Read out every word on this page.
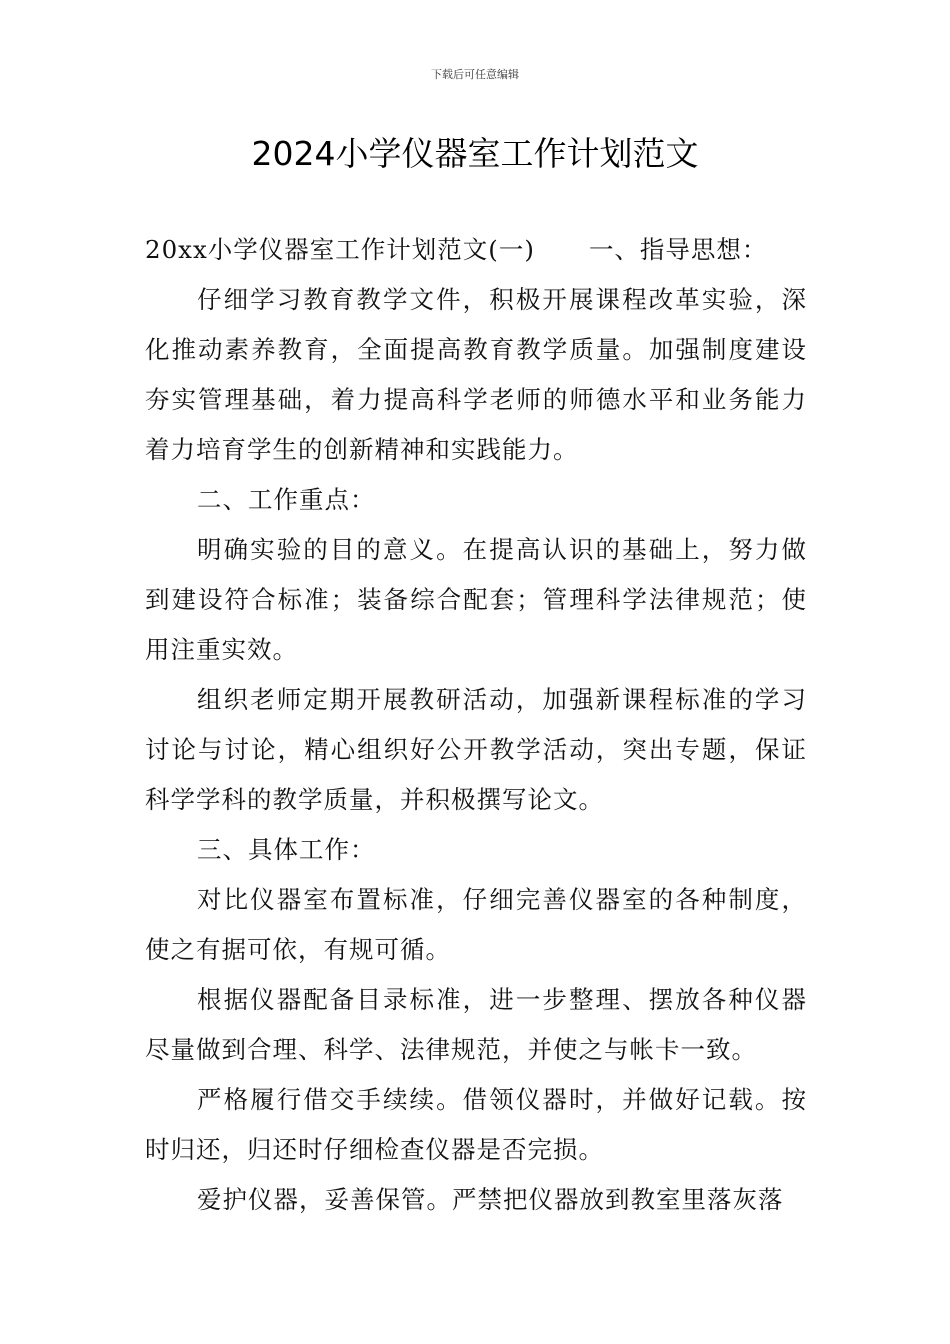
下载后可任意编辑
2024小学仪器室工作计划范文

20xx小学仪器室工作计划范文(一) 一、指导思想：

仔细学习教育教学文件，积极开展课程改革实验，深化推动素养教育，全面提高教育教学质量。加强制度建设夯实管理基础，着力提高科学老师的师德水平和业务能力着力培育学生的创新精神和实践能力。

二、工作重点：

明确实验的目的意义。在提高认识的基础上，努力做到建设符合标准；装备综合配套；管理科学法律规范；使用注重实效。

组织老师定期开展教研活动，加强新课程标准的学习讨论与讨论，精心组织好公开教学活动，突出专题，保证科学学科的教学质量，并积极撰写论文。

三、具体工作：

对比仪器室布置标准，仔细完善仪器室的各种制度，使之有据可依，有规可循。

根据仪器配备目录标准，进一步整理、摆放各种仪器尽量做到合理、科学、法律规范，并使之与帐卡一致。

严格履行借交手续续。借领仪器时，并做好记载。按时归还，归还时仔细检查仪器是否完损。

爱护仪器，妥善保管。严禁把仪器放到教室里落灰落
